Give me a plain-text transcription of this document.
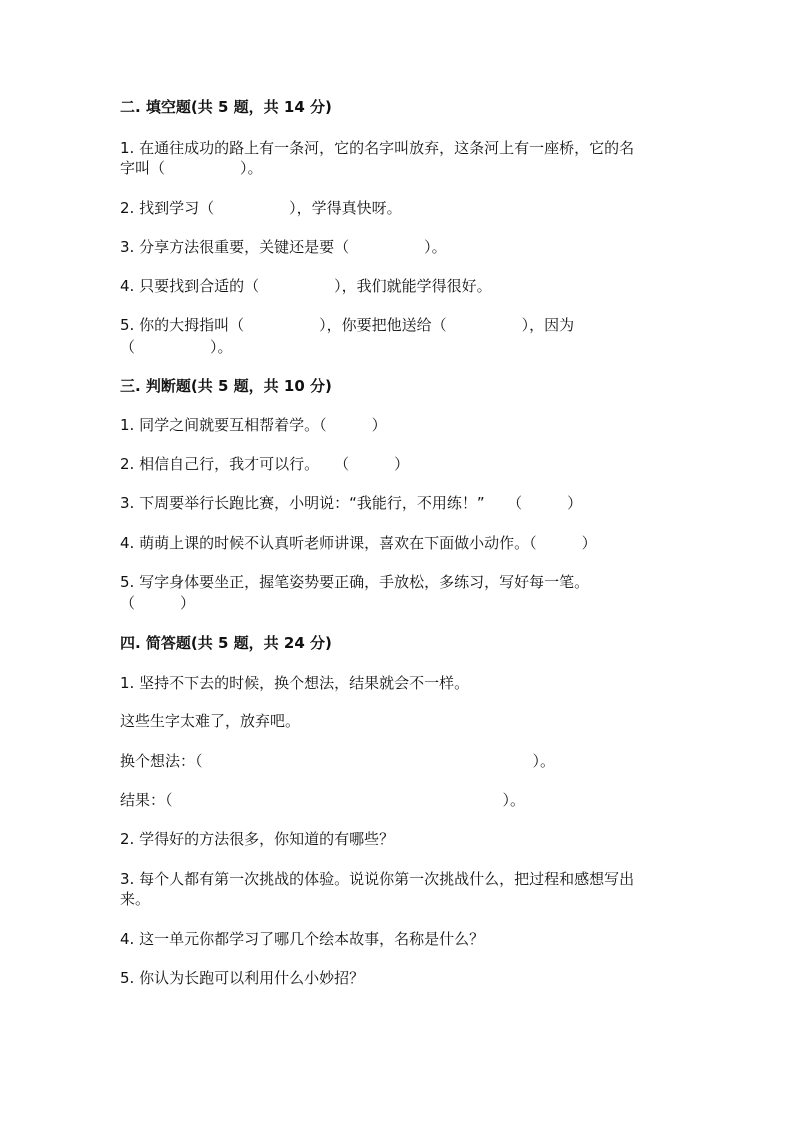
二. 填空题(共 5 题，共 14 分)
1. 在通往成功的路上有一条河，它的名字叫放弃，这条河上有一座桥，它的名
字叫（　　　　　）。
2. 找到学习（　　　　　），学得真快呀。
3. 分享方法很重要，关键还是要（　　　　　）。
4. 只要找到合适的（　　　　　），我们就能学得很好。
5. 你的大拇指叫（　　　　　），你要把他送给（　　　　　），因为
（　　　　　）。
三. 判断题(共 5 题，共 10 分)
1. 同学之间就要互相帮着学。（　　　）
2. 相信自己行，我才可以行。　　（　　　）
3. 下周要举行长跑比赛，小明说：“我能行，不用练！”　　（　　　）
4. 萌萌上课的时候不认真听老师讲课，喜欢在下面做小动作。（　　　）
5. 写字身体要坐正，握笔姿势要正确，手放松，多练习，写好每一笔。
（　　　）
四. 简答题(共 5 题，共 24 分)
1. 坚持不下去的时候，换个想法，结果就会不一样。
这些生字太难了，放弃吧。
换个想法：（　　　　　　　　　　　　　　　　　　　　　　）。
结果：（　　　　　　　　　　　　　　　　　　　　　　）。
2. 学得好的方法很多，你知道的有哪些？
3. 每个人都有第一次挑战的体验。说说你第一次挑战什么，把过程和感想写出
来。
4. 这一单元你都学习了哪几个绘本故事，名称是什么？
5. 你认为长跑可以利用什么小妙招？
